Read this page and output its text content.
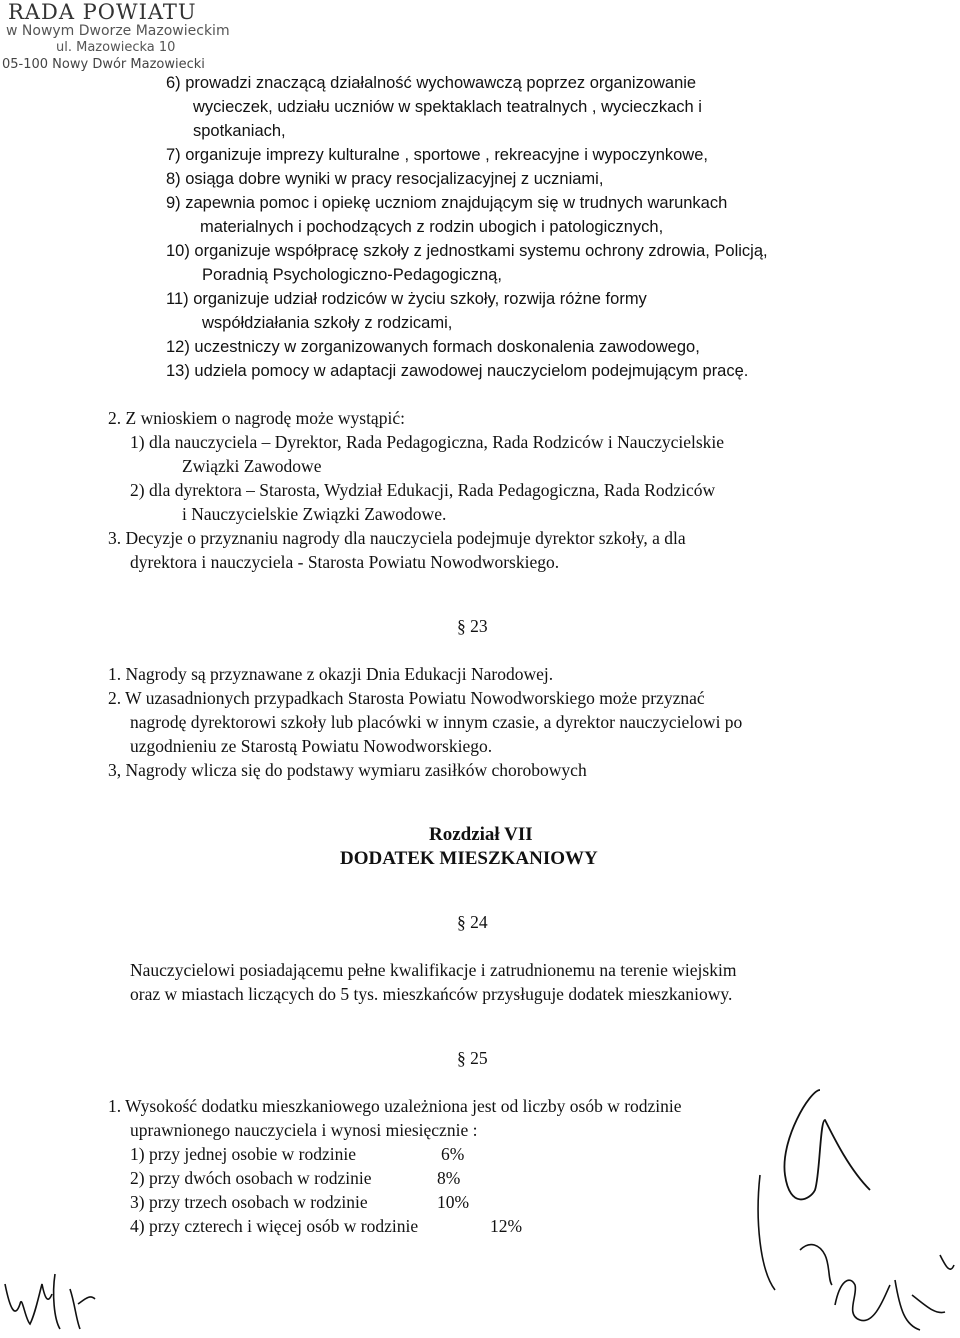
RADA POWIATU
w Nowym Dworze Mazowieckim
ul. Mazowiecka 10
05-100 Nowy Dwór Mazowiecki
6) prowadzi znaczącą działalność wychowawczą poprzez organizowanie
wycieczek, udziału uczniów w spektaklach teatralnych , wycieczkach i
spotkaniach,
7) organizuje imprezy kulturalne , sportowe , rekreacyjne i wypoczynkowe,
8) osiąga dobre wyniki w pracy resocjalizacyjnej z uczniami,
9) zapewnia pomoc i opiekę uczniom znajdującym się w trudnych warunkach
materialnych i pochodzących z rodzin ubogich i patologicznych,
10) organizuje współpracę szkoły z jednostkami systemu ochrony zdrowia, Policją,
Poradnią Psychologiczno-Pedagogiczną,
11) organizuje udział rodziców w życiu szkoły, rozwija różne formy
współdziałania szkoły z rodzicami,
12) uczestniczy w zorganizowanych formach doskonalenia zawodowego,
13) udziela pomocy w adaptacji zawodowej nauczycielom podejmującym pracę.
2. Z wnioskiem o nagrodę może wystąpić:
1) dla nauczyciela – Dyrektor, Rada Pedagogiczna, Rada Rodziców i Nauczycielskie
Związki Zawodowe
2) dla dyrektora – Starosta, Wydział Edukacji, Rada Pedagogiczna, Rada Rodziców
i Nauczycielskie Związki Zawodowe.
3. Decyzje o przyznaniu nagrody dla nauczyciela podejmuje dyrektor szkoły, a dla
dyrektora i nauczyciela - Starosta Powiatu Nowodworskiego.
§ 23
1. Nagrody są przyznawane z okazji Dnia Edukacji Narodowej.
2. W uzasadnionych przypadkach Starosta Powiatu Nowodworskiego może przyznać
nagrodę dyrektorowi szkoły lub placówki w innym czasie, a dyrektor nauczycielowi po
uzgodnieniu ze Starostą Powiatu Nowodworskiego.
3, Nagrody wlicza się do podstawy wymiaru zasiłków chorobowych
Rozdział VII
DODATEK MIESZKANIOWY
§ 24
Nauczycielowi posiadającemu pełne kwalifikacje i zatrudnionemu na terenie wiejskim
oraz w miastach liczących do 5 tys. mieszkańców przysługuje dodatek mieszkaniowy.
§ 25
1. Wysokość dodatku mieszkaniowego uzależniona jest od liczby osób w rodzinie
uprawnionego nauczyciela i wynosi miesięcznie :
1) przy jednej osobie w rodzinie	6%
2) przy dwóch osobach w rodzinie	8%
3) przy trzech osobach w rodzinie	10%
4) przy czterech i więcej osób w rodzinie	12%
